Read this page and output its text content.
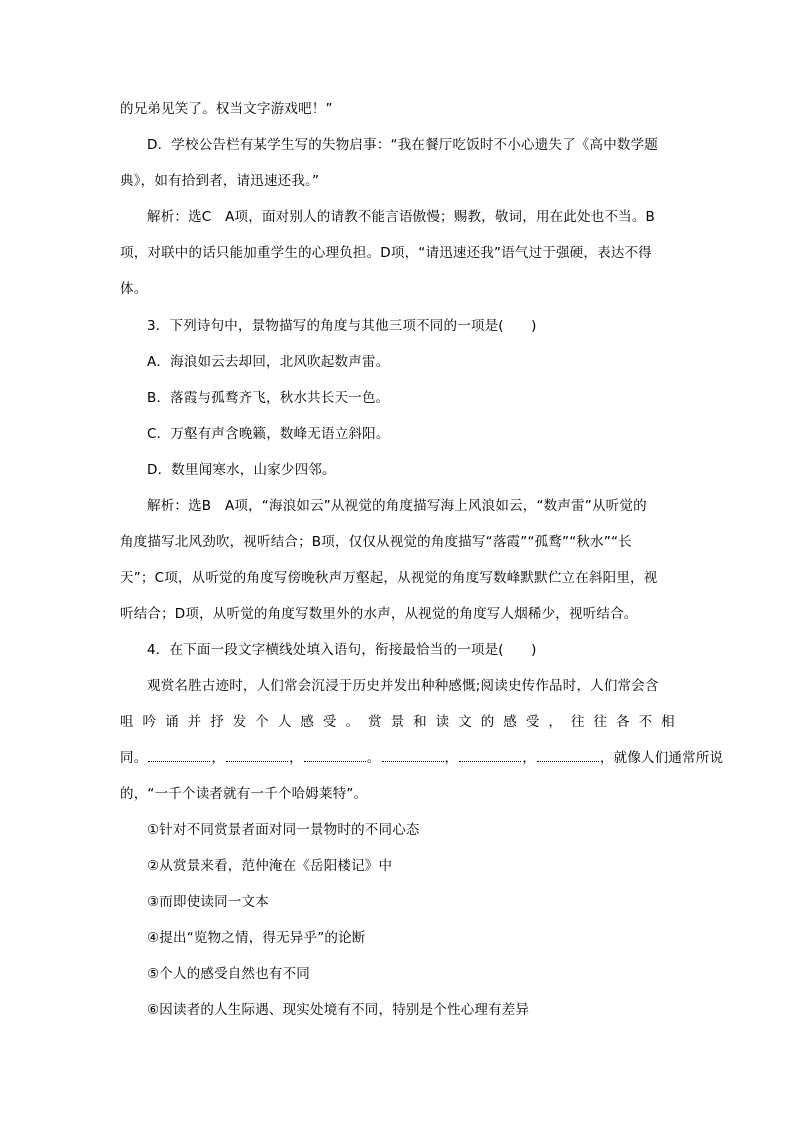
的兄弟见笑了。权当文字游戏吧！”
D．学校公告栏有某学生写的失物启事：“我在餐厅吃饭时不小心遗失了《高中数学题
典》，如有拾到者，请迅速还我。”
解析：选C　A项，面对别人的请教不能言语傲慢；赐教，敬词，用在此处也不当。B
项，对联中的话只能加重学生的心理负担。D项，“请迅速还我”语气过于强硬，表达不得
体。
3．下列诗句中，景物描写的角度与其他三项不同的一项是(　　)
A．海浪如云去却回，北风吹起数声雷。
B．落霞与孤鹜齐飞，秋水共长天一色。
C．万壑有声含晚籁，数峰无语立斜阳。
D．数里闻寒水，山家少四邻。
解析：选B　A项，“海浪如云”从视觉的角度描写海上风浪如云，“数声雷”从听觉的
角度描写北风劲吹，视听结合；B项，仅仅从视觉的角度描写“落霞”“孤鹜”“秋水”“长
天”；C项，从听觉的角度写傍晚秋声万壑起，从视觉的角度写数峰默默伫立在斜阳里，视
听结合；D项，从听觉的角度写数里外的水声，从视觉的角度写人烟稀少，视听结合。
4．在下面一段文字横线处填入语句，衔接最恰当的一项是(　　)
观赏名胜古迹时，人们常会沉浸于历史并发出种种感慨;阅读史传作品时，人们常会含
咀 吟 诵 并 抒 发 个 人 感 受 。 赏 景 和 读 文 的 感 受 ， 往 往 各 不 相
同。	，	，	。	，	，	，就像人们通常所说
的，“一千个读者就有一千个哈姆莱特”。
①针对不同赏景者面对同一景物时的不同心态
②从赏景来看，范仲淹在《岳阳楼记》中
③而即使读同一文本
④提出“览物之情，得无异乎”的论断
⑤个人的感受自然也有不同
⑥因读者的人生际遇、现实处境有不同，特别是个性心理有差异
